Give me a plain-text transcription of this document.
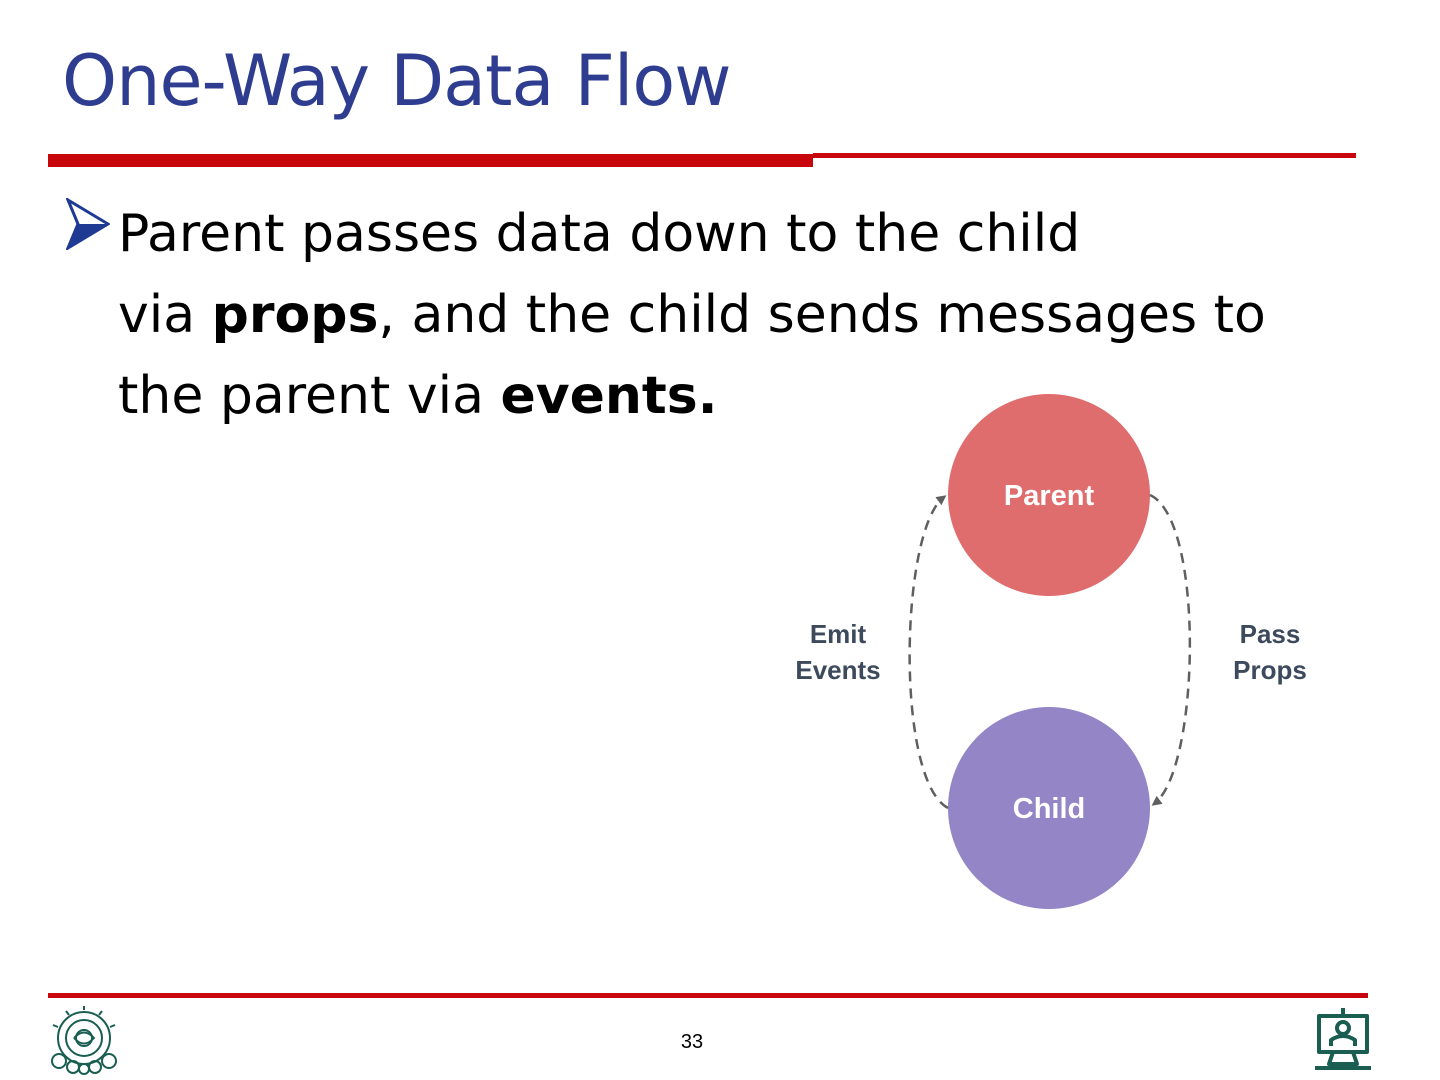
One-Way Data Flow
Parent passes data down to the child
via props, and the child sends messages to
the parent via events.
Parent
Child
Emit
Events
Pass
Props
33
